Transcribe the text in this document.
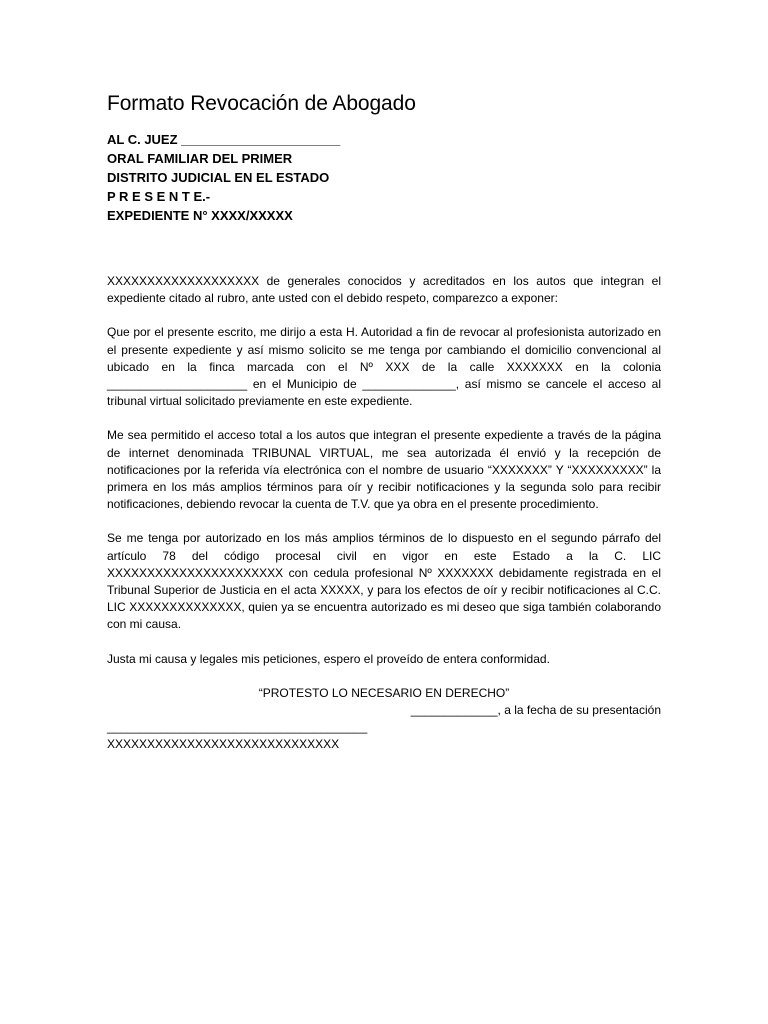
Formato Revocación de Abogado
AL C. JUEZ ______________________
ORAL FAMILIAR DEL PRIMER
DISTRITO JUDICIAL EN EL ESTADO
P R E S E N T E.-
EXPEDIENTE N° XXXX/XXXXX

XXXXXXXXXXXXXXXXXXX de generales conocidos y acreditados en los autos que integran el expediente citado al rubro, ante usted con el debido respeto, comparezco a exponer:

Que por el presente escrito, me dirijo a esta H. Autoridad a fin de revocar al profesionista autorizado en el presente expediente y así mismo solicito se me tenga por cambiando el domicilio convencional al ubicado en la finca marcada con el Nº XXX de la calle XXXXXXX en la colonia _____________________ en el Municipio de ______________, así mismo se cancele el acceso al tribunal virtual solicitado previamente en este expediente.

Me sea permitido el acceso total a los autos que integran el presente expediente a través de la página de internet denominada TRIBUNAL VIRTUAL, me sea autorizada él envió y la recepción de notificaciones por la referida vía electrónica con el nombre de usuario “XXXXXXX” Y “XXXXXXXXX” la primera en los más amplios términos para oír y recibir notificaciones y la segunda solo para recibir notificaciones, debiendo revocar la cuenta de T.V. que ya obra en el presente procedimiento.

Se me tenga por autorizado en los más amplios términos de lo dispuesto en el segundo párrafo del artículo 78 del código procesal civil en vigor en este Estado a la C. LIC XXXXXXXXXXXXXXXXXXXXXX con cedula profesional Nº XXXXXXX debidamente registrada en el Tribunal Superior de Justicia en el acta XXXXX, y para los efectos de oír y recibir notificaciones al C.C. LIC XXXXXXXXXXXXXX, quien ya se encuentra autorizado es mi deseo que siga también colaborando con mi causa.

Justa mi causa y legales mis peticiones, espero el proveído de entera conformidad.

“PROTESTO LO NECESARIO EN DERECHO”

_____________, a la fecha de su presentación

_______________________________________

XXXXXXXXXXXXXXXXXXXXXXXXXXXXX
